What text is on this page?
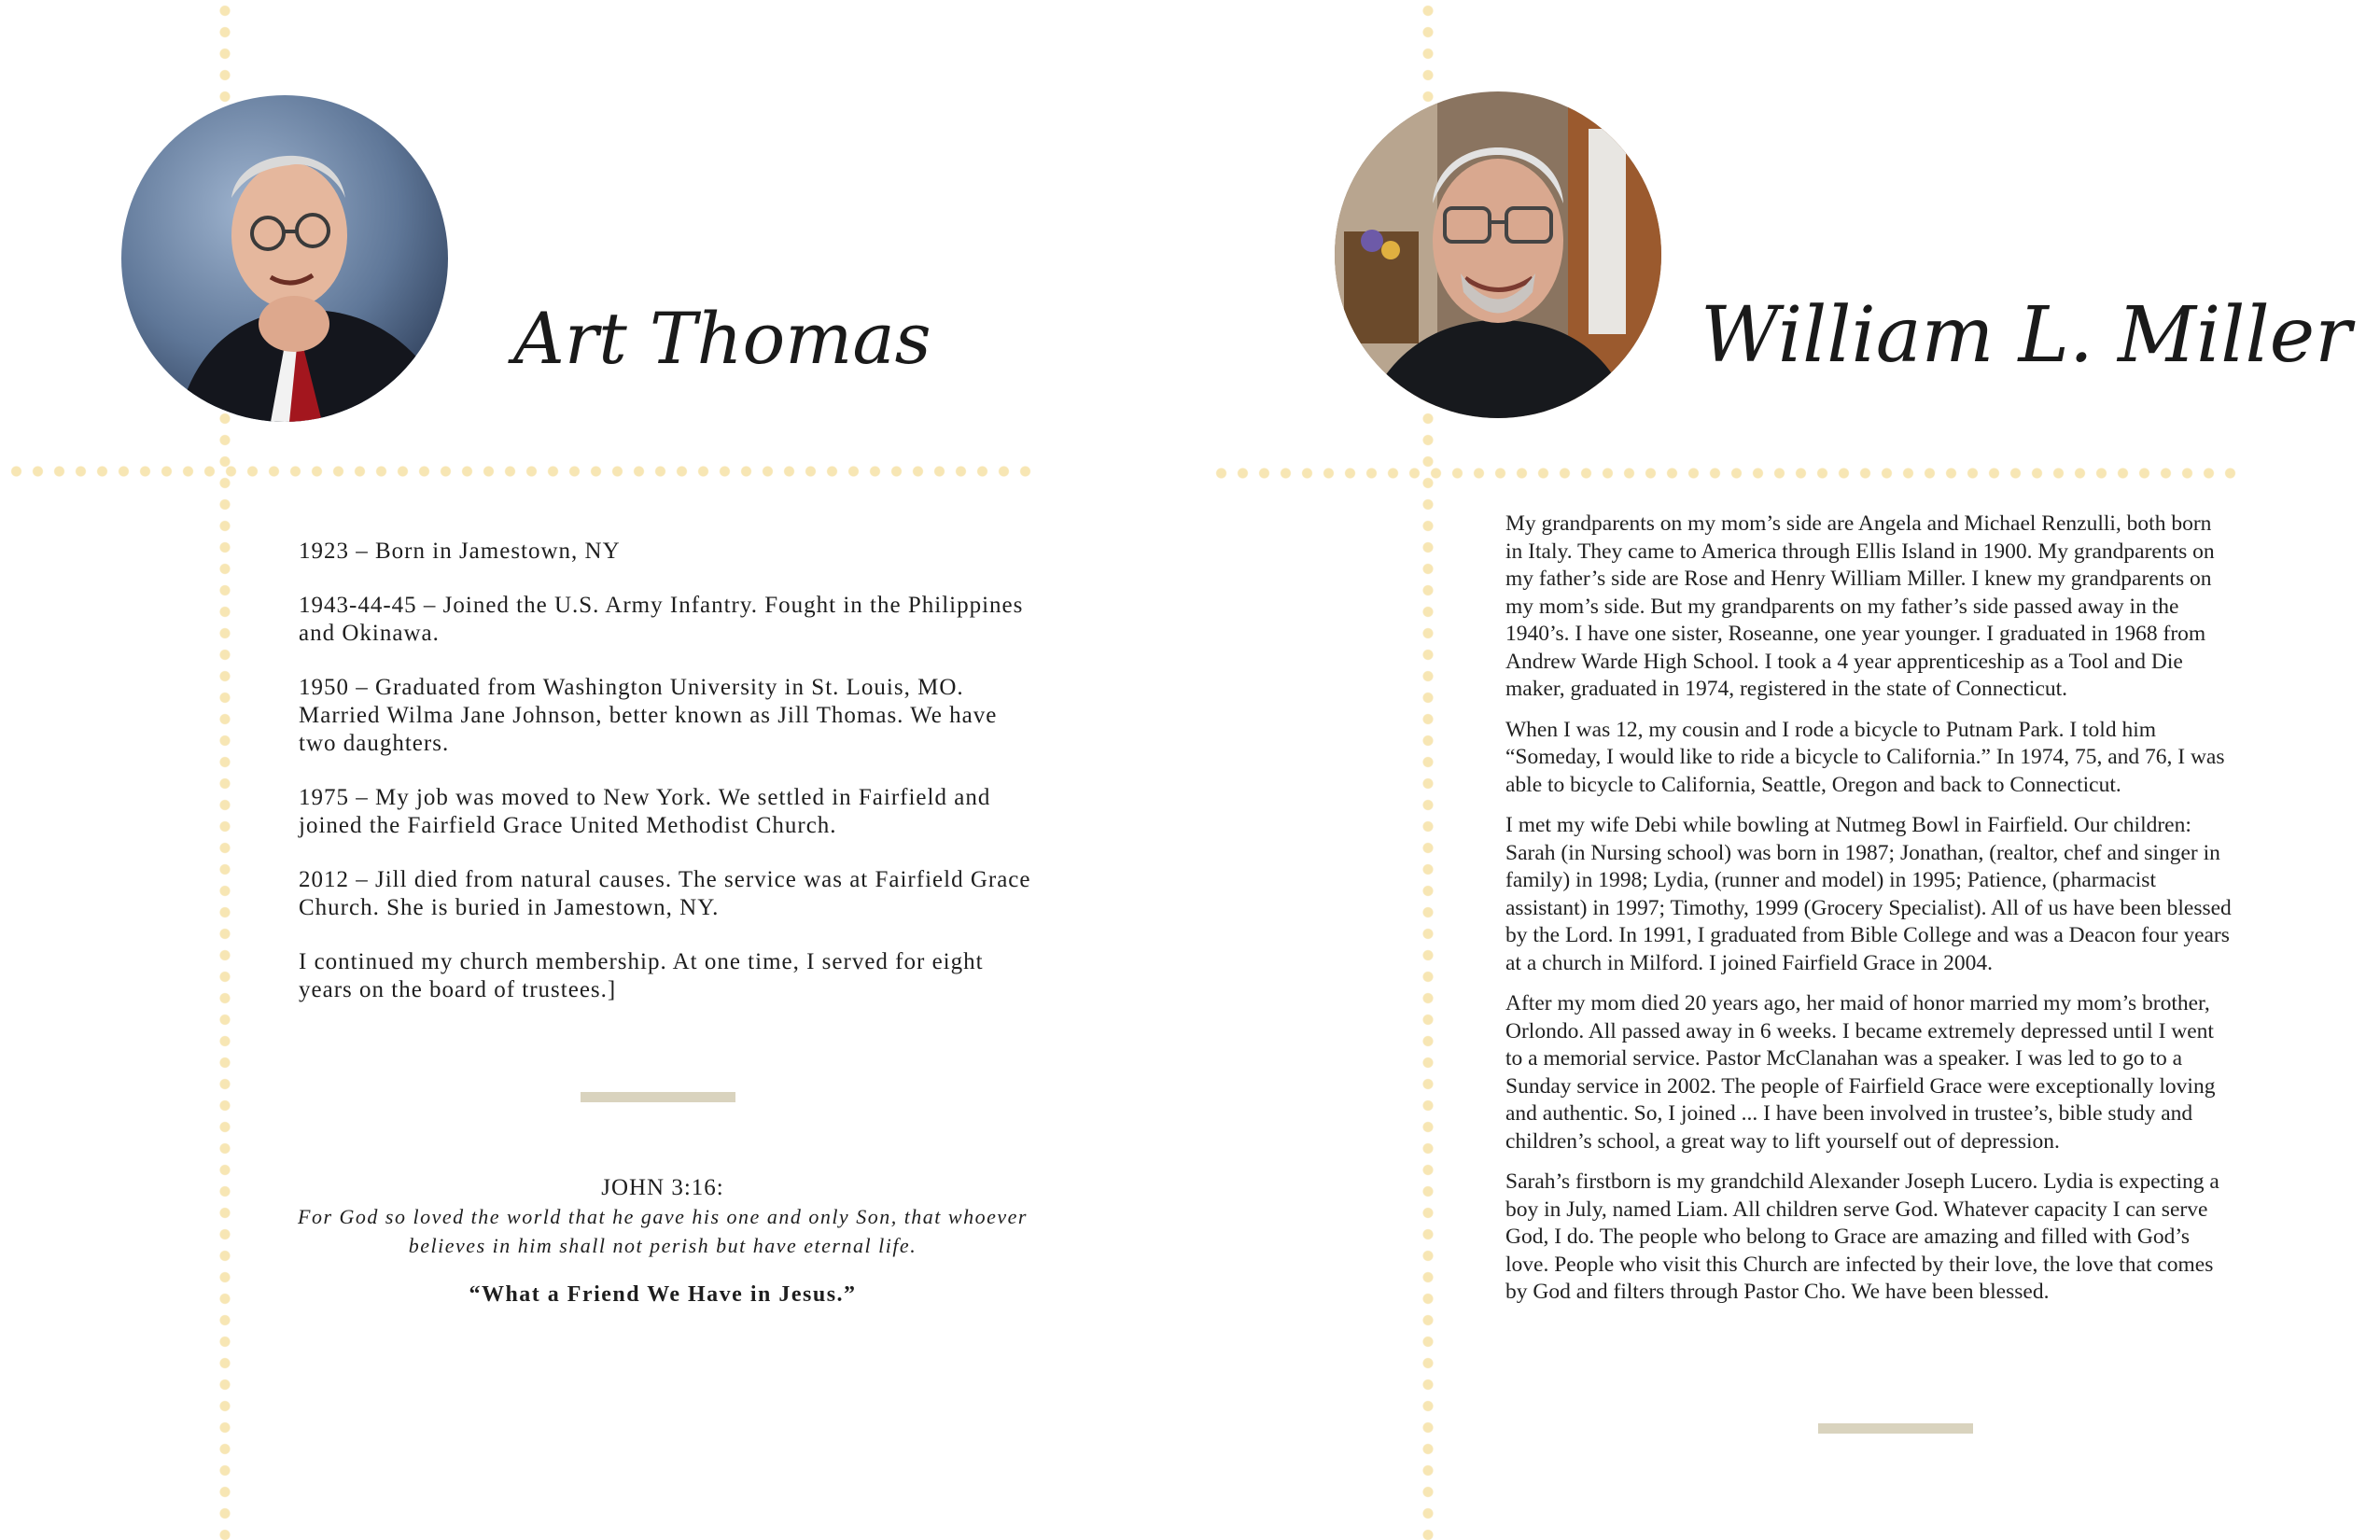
Art Thomas

1923 – Born in Jamestown, NY

1943-44-45 – Joined the U.S. Army Infantry. Fought in the Philippines and Okinawa.

1950 – Graduated from Washington University in St. Louis, MO. Married Wilma Jane Johnson, better known as Jill Thomas. We have two daughters.

1975 – My job was moved to New York. We settled in Fairfield and joined the Fairfield Grace United Methodist Church.

2012 – Jill died from natural causes. The service was at Fairfield Grace Church. She is buried in Jamestown, NY.

I continued my church membership. At one time, I served for eight years on the board of trustees.]

JOHN 3:16:
For God so loved the world that he gave his one and only Son, that whoever believes in him shall not perish but have eternal life.
“What a Friend We Have in Jesus.”
William L. Miller

My grandparents on my mom’s side are Angela and Michael Renzulli, both born in Italy. They came to America through Ellis Island in 1900. My grandparents on my father’s side are Rose and Henry William Miller. I knew my grandparents on my mom’s side. But my grandparents on my father’s side passed away in the 1940’s. I have one sister, Roseanne, one year younger. I graduated in 1968 from Andrew Warde High School. I took a 4 year apprenticeship as a Tool and Die maker, graduated in 1974, registered in the state of Connecticut.

When I was 12, my cousin and I rode a bicycle to Putnam Park. I told him “Someday, I would like to ride a bicycle to California.” In 1974, 75, and 76, I was able to bicycle to California, Seattle, Oregon and back to Connecticut.

I met my wife Debi while bowling at Nutmeg Bowl in Fairfield. Our children: Sarah (in Nursing school) was born in 1987; Jonathan, (realtor, chef and singer in family) in 1998; Lydia, (runner and model) in 1995; Patience, (pharmacist assistant) in 1997; Timothy, 1999 (Grocery Specialist). All of us have been blessed by the Lord. In 1991, I graduated from Bible College and was a Deacon four years at a church in Milford. I joined Fairfield Grace in 2004.

After my mom died 20 years ago, her maid of honor married my mom’s brother, Orlondo. All passed away in 6 weeks. I became extremely depressed until I went to a memorial service. Pastor McClanahan was a speaker. I was led to go to a Sunday service in 2002. The people of Fairfield Grace were exceptionally loving and authentic. So, I joined ... I have been involved in trustee’s, bible study and children’s school, a great way to lift yourself out of depression.

Sarah’s firstborn is my grandchild Alexander Joseph Lucero. Lydia is expecting a boy in July, named Liam. All children serve God. Whatever capacity I can serve God, I do. The people who belong to Grace are amazing and filled with God’s love. People who visit this Church are infected by their love, the love that comes by God and filters through Pastor Cho. We have been blessed.
